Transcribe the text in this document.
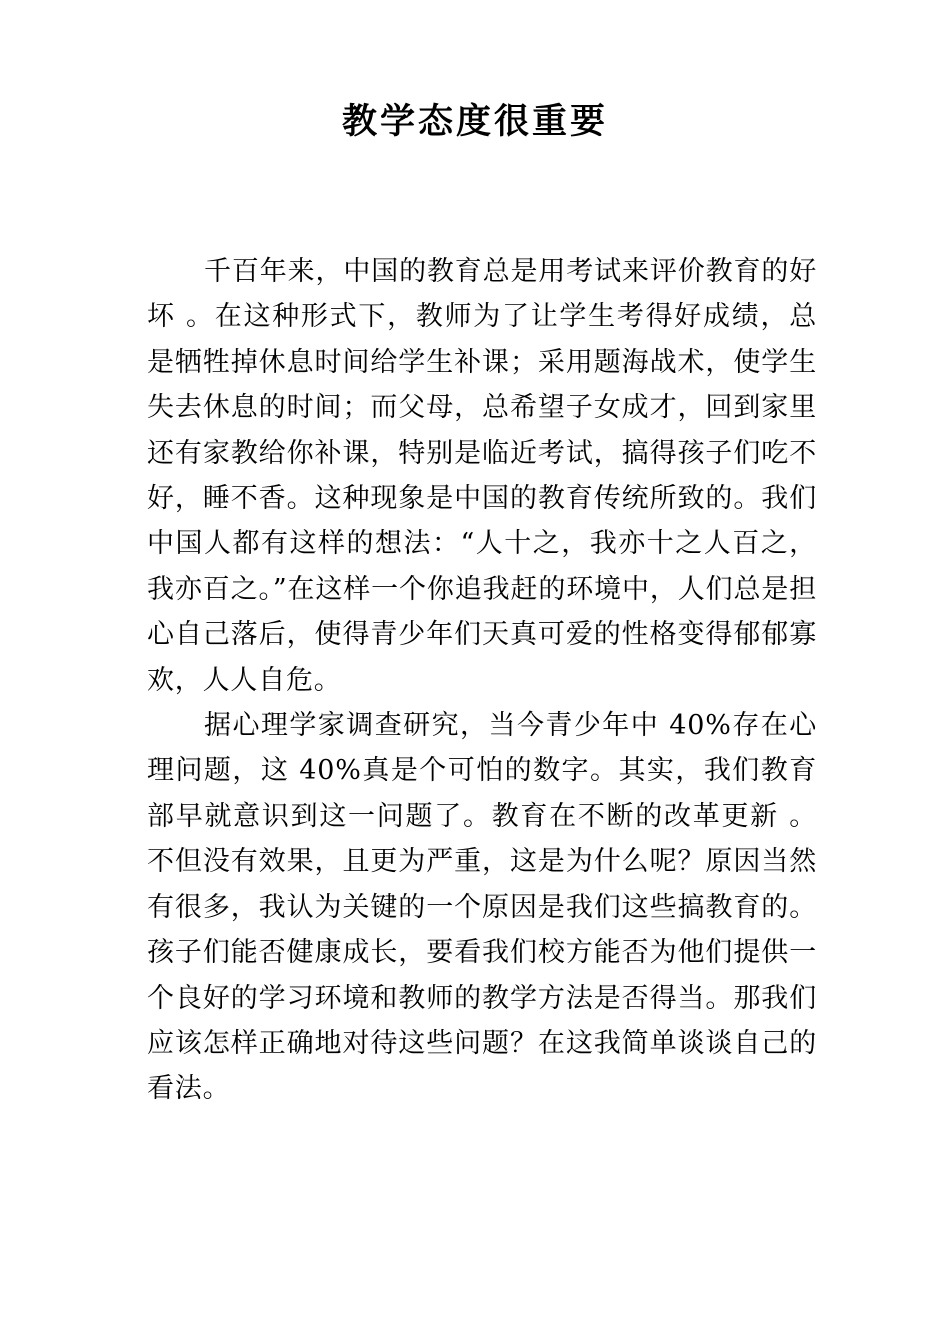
教学态度很重要

千百年来，中国的教育总是用考试来评价教育的好坏 。在这种形式下，教师为了让学生考得好成绩，总是牺牲掉休息时间给学生补课；采用题海战术，使学生失去休息的时间；而父母，总希望子女成才，回到家里还有家教给你补课，特别是临近考试，搞得孩子们吃不好，睡不香。这种现象是中国的教育传统所致的。我们中国人都有这样的想法：“人十之，我亦十之人百之，我亦百之。”在这样一个你追我赶的环境中，人们总是担心自己落后，使得青少年们天真可爱的性格变得郁郁寡欢，人人自危。

据心理学家调查研究，当今青少年中 40%存在心理问题，这 40%真是个可怕的数字。其实，我们教育部早就意识到这一问题了。教育在不断的改革更新 。不但没有效果，且更为严重，这是为什么呢？原因当然有很多，我认为关键的一个原因是我们这些搞教育的。孩子们能否健康成长，要看我们校方能否为他们提供一个良好的学习环境和教师的教学方法是否得当。那我们应该怎样正确地对待这些问题？在这我简单谈谈自己的看法。
